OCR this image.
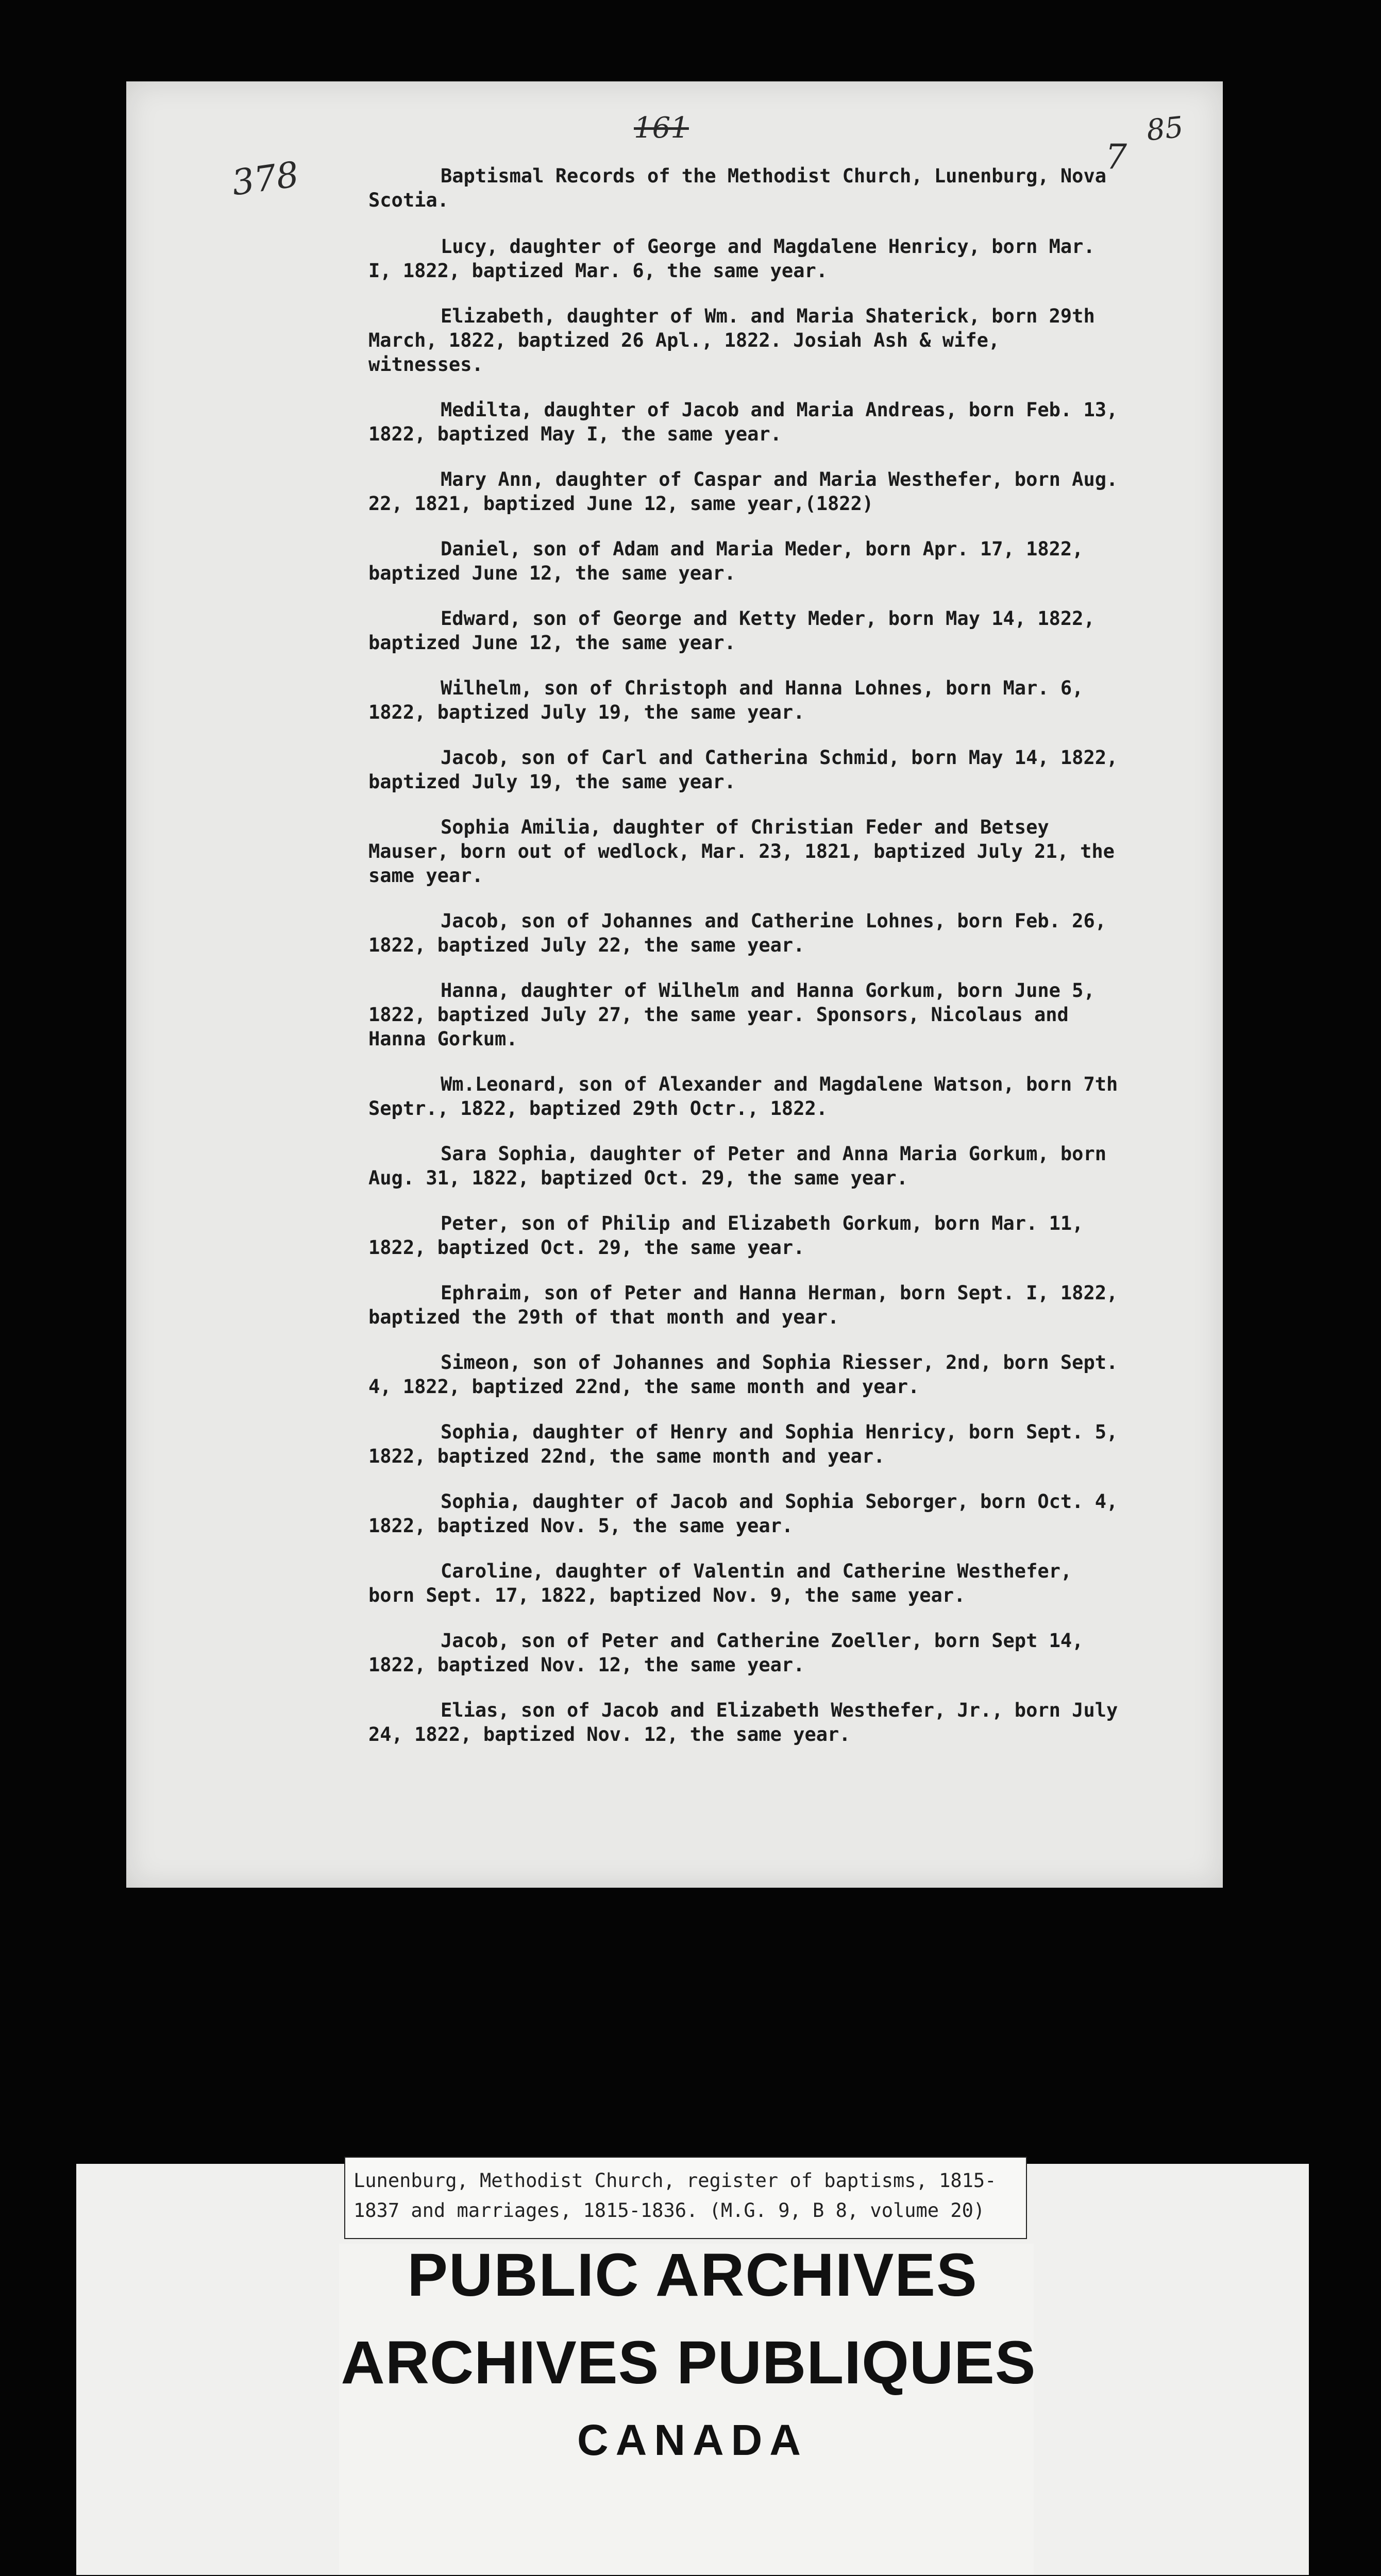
378
161	85
7

Baptismal Records of the Methodist Church, Lunenburg, Nova Scotia.

Lucy, daughter of George and Magdalene Henricy, born Mar. I, 1822, baptized Mar. 6, the same year.

Elizabeth, daughter of Wm. and Maria Shaterick, born 29th March, 1822, baptized 26 Apl., 1822. Josiah Ash & wife, witnesses.

Medilta, daughter of Jacob and Maria Andreas, born Feb. 13, 1822, baptized May I, the same year.

Mary Ann, daughter of Caspar and Maria Westhefer, born Aug. 22, 1821, baptized June 12, same year,(1822)

Daniel, son of Adam and Maria Meder, born Apr. 17, 1822, baptized June 12, the same year.

Edward, son of George and Ketty Meder, born May 14, 1822, baptized June 12, the same year.

Wilhelm, son of Christoph and Hanna Lohnes, born Mar. 6, 1822, baptized July 19, the same year.

Jacob, son of Carl and Catherina Schmid, born May 14, 1822, baptized July 19, the same year.

Sophia Amilia, daughter of Christian Feder and Betsey Mauser, born out of wedlock, Mar. 23, 1821, baptized July 21, the same year.

Jacob, son of Johannes and Catherine Lohnes, born Feb. 26, 1822, baptized July 22, the same year.

Hanna, daughter of Wilhelm and Hanna Gorkum, born June 5, 1822, baptized July 27, the same year. Sponsors, Nicolaus and Hanna Gorkum.

Wm.Leonard, son of Alexander and Magdalene Watson, born 7th Septr., 1822, baptized 29th Octr., 1822.

Sara Sophia, daughter of Peter and Anna Maria Gorkum, born Aug. 31, 1822, baptized Oct. 29, the same year.

Peter, son of Philip and Elizabeth Gorkum, born Mar. 11, 1822, baptized Oct. 29, the same year.

Ephraim, son of Peter and Hanna Herman, born Sept. I, 1822, baptized the 29th of that month and year.

Simeon, son of Johannes and Sophia Riesser, 2nd, born Sept. 4, 1822, baptized 22nd, the same month and year.

Sophia, daughter of Henry and Sophia Henricy, born Sept. 5, 1822, baptized 22nd, the same month and year.

Sophia, daughter of Jacob and Sophia Seborger, born Oct. 4, 1822, baptized Nov. 5, the same year.

Caroline, daughter of Valentin and Catherine Westhefer, born Sept. 17, 1822, baptized Nov. 9, the same year.

Jacob, son of Peter and Catherine Zoeller, born Sept 14, 1822, baptized Nov. 12, the same year.

Elias, son of Jacob and Elizabeth Westhefer, Jr., born July 24, 1822, baptized Nov. 12, the same year.

Lunenburg, Methodist Church, register of baptisms, 1815-
1837 and marriages, 1815-1836. (M.G. 9, B 8, volume 20)
PUBLIC ARCHIVES
ARCHIVES PUBLIQUES
CANADA
